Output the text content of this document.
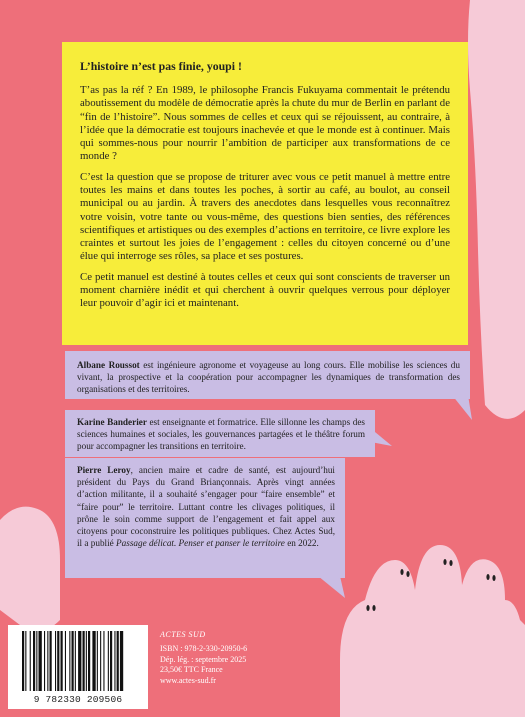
L’histoire n’est pas finie, youpi !

T’as pas la réf ? En 1989, le philosophe Francis Fukuyama commentait le prétendu aboutissement du modèle de démocratie après la chute du mur de Berlin en parlant de “fin de l’histoire”. Nous sommes de celles et ceux qui se réjouissent, au contraire, à l’idée que la démocratie est toujours inachevée et que le monde est à continuer. Mais qui sommes-nous pour nourrir l’ambition de participer aux transformations de ce monde ?

C’est la question que se propose de triturer avec vous ce petit manuel à mettre entre toutes les mains et dans toutes les poches, à sortir au café, au boulot, au conseil municipal ou au jardin. À travers des anecdotes dans lesquelles vous reconnaîtrez votre voisin, votre tante ou vous-même, des questions bien senties, des références scientifiques et artistiques ou des exemples d’actions en territoire, ce livre explore les craintes et surtout les joies de l’engagement : celles du citoyen concerné ou d’une élue qui interroge ses rôles, sa place et ses postures.

Ce petit manuel est destiné à toutes celles et ceux qui sont conscients de traverser un moment charnière inédit et qui cherchent à ouvrir quelques verrous pour déployer leur pouvoir d’agir ici et maintenant.

Albane Roussot est ingénieure agronome et voyageuse au long cours. Elle mobilise les sciences du vivant, la prospective et la coopération pour accompagner les dynamiques de transformation des organisations et des territoires.
Karine Banderier est enseignante et formatrice. Elle sillonne les champs des sciences humaines et sociales, les gouvernances partagées et le théâtre forum pour accompagner les transitions en territoire.
Pierre Leroy, ancien maire et cadre de santé, est aujourd’hui président du Pays du Grand Briançonnais. Après vingt années d’action militante, il a souhaité s’engager pour “faire ensemble” et “faire pour” le territoire. Luttant contre les clivages politiques, il prône le soin comme support de l’engagement et fait appel aux citoyens pour coconstruire les politiques publiques. Chez Actes Sud, il a publié Passage délicat. Penser et panser le territoire en 2022.
9 782330 209506
ACTES SUD
ISBN : 978-2-330-20950-6
Dép. lég. : septembre 2025
23,50€ TTC France
www.actes-sud.fr
